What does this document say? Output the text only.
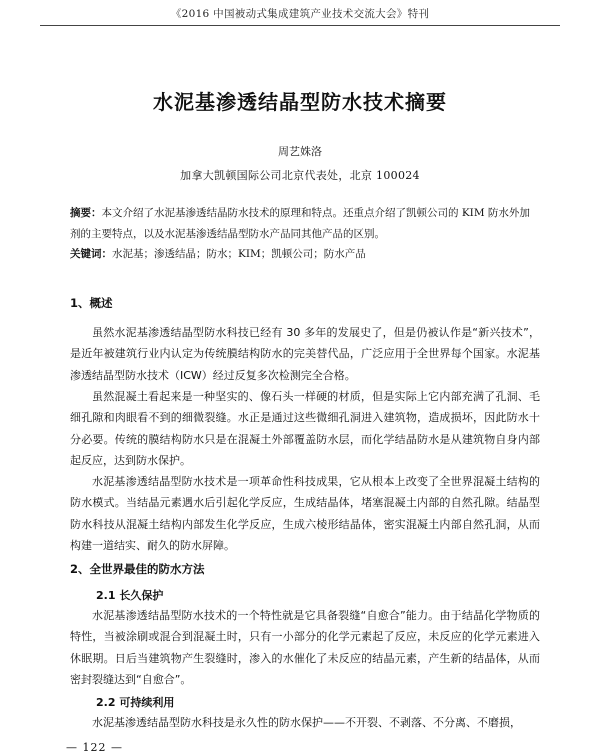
《2016 中国被动式集成建筑产业技术交流大会》特刊
水泥基渗透结晶型防水技术摘要
周艺姝洛
加拿大凯顿国际公司北京代表处，北京 100024
摘要：本文介绍了水泥基渗透结晶防水技术的原理和特点。还重点介绍了凯顿公司的 KIM 防水外加剂的主要特点，以及水泥基渗透结晶型防水产品同其他产品的区别。
关键词：水泥基；渗透结晶；防水；KIM；凯顿公司；防水产品
1、概述
虽然水泥基渗透结晶型防水科技已经有 30 多年的发展史了，但是仍被认作是“新兴技术”，是近年被建筑行业内认定为传统膜结构防水的完美替代品，广泛应用于全世界每个国家。水泥基渗透结晶型防水技术（ICW）经过反复多次检测完全合格。
虽然混凝土看起来是一种坚实的、像石头一样硬的材质，但是实际上它内部充满了孔洞、毛细孔隙和肉眼看不到的细微裂缝。水正是通过这些微细孔洞进入建筑物，造成损坏，因此防水十分必要。传统的膜结构防水只是在混凝土外部覆盖防水层，而化学结晶防水是从建筑物自身内部起反应，达到防水保护。
水泥基渗透结晶型防水技术是一项革命性科技成果，它从根本上改变了全世界混凝土结构的防水模式。当结晶元素遇水后引起化学反应，生成结晶体，堵塞混凝土内部的自然孔隙。结晶型防水科技从混凝土结构内部发生化学反应，生成六棱形结晶体，密实混凝土内部自然孔洞，从而构建一道结实、耐久的防水屏障。
2、全世界最佳的防水方法
2.1 长久保护
水泥基渗透结晶型防水技术的一个特性就是它具备裂缝“自愈合”能力。由于结晶化学物质的特性，当被涂刷或混合到混凝土时，只有一小部分的化学元素起了反应，未反应的化学元素进入休眠期。日后当建筑物产生裂缝时，渗入的水催化了未反应的结晶元素，产生新的结晶体，从而密封裂缝达到“自愈合”。
2.2 可持续利用
水泥基渗透结晶型防水科技是永久性的防水保护——不开裂、不剥落、不分离、不磨损，
— 122 —
